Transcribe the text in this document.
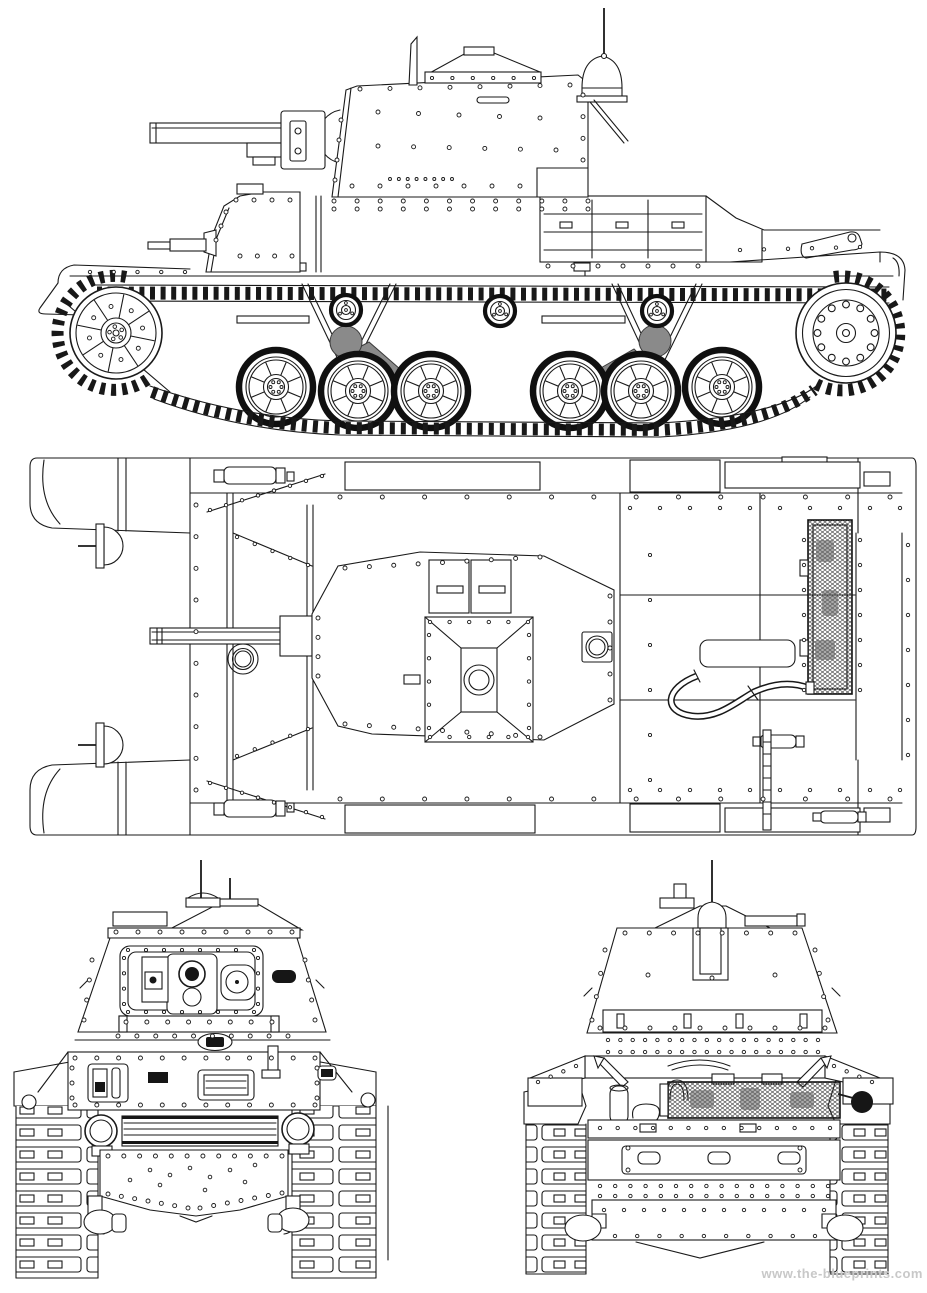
www.the-blueprints.com
